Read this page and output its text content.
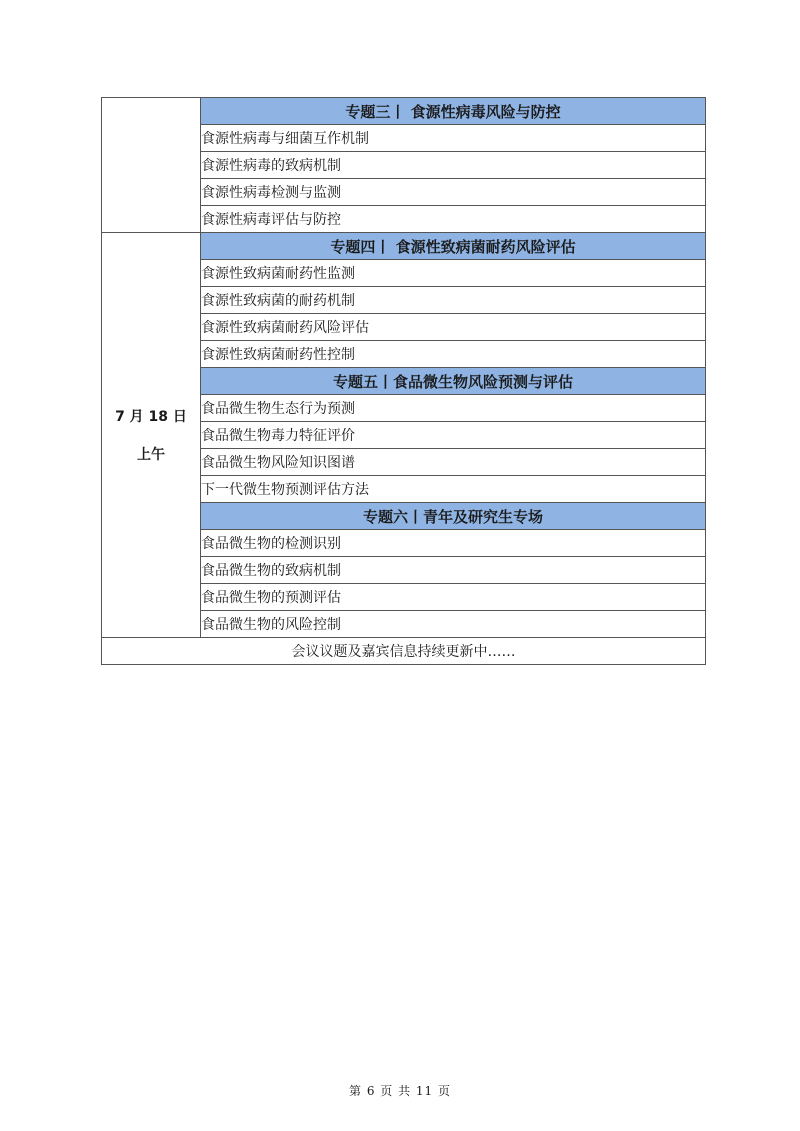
	专题三丨 食源性病毒风险与防控
	食源性病毒与细菌互作机制
	食源性病毒的致病机制
	食源性病毒检测与监测
	食源性病毒评估与防控

7 月 18 日
上午	专题四丨 食源性致病菌耐药风险评估
	食源性致病菌耐药性监测
	食源性致病菌的耐药机制
	食源性致病菌耐药风险评估
	食源性致病菌耐药性控制
	专题五丨食品微生物风险预测与评估
	食品微生物生态行为预测
	食品微生物毒力特征评价
	食品微生物风险知识图谱
	下一代微生物预测评估方法
	专题六丨青年及研究生专场
	食品微生物的检测识别
	食品微生物的致病机制
	食品微生物的预测评估
	食品微生物的风险控制
会议议题及嘉宾信息持续更新中……	
第 6 页 共 11 页
